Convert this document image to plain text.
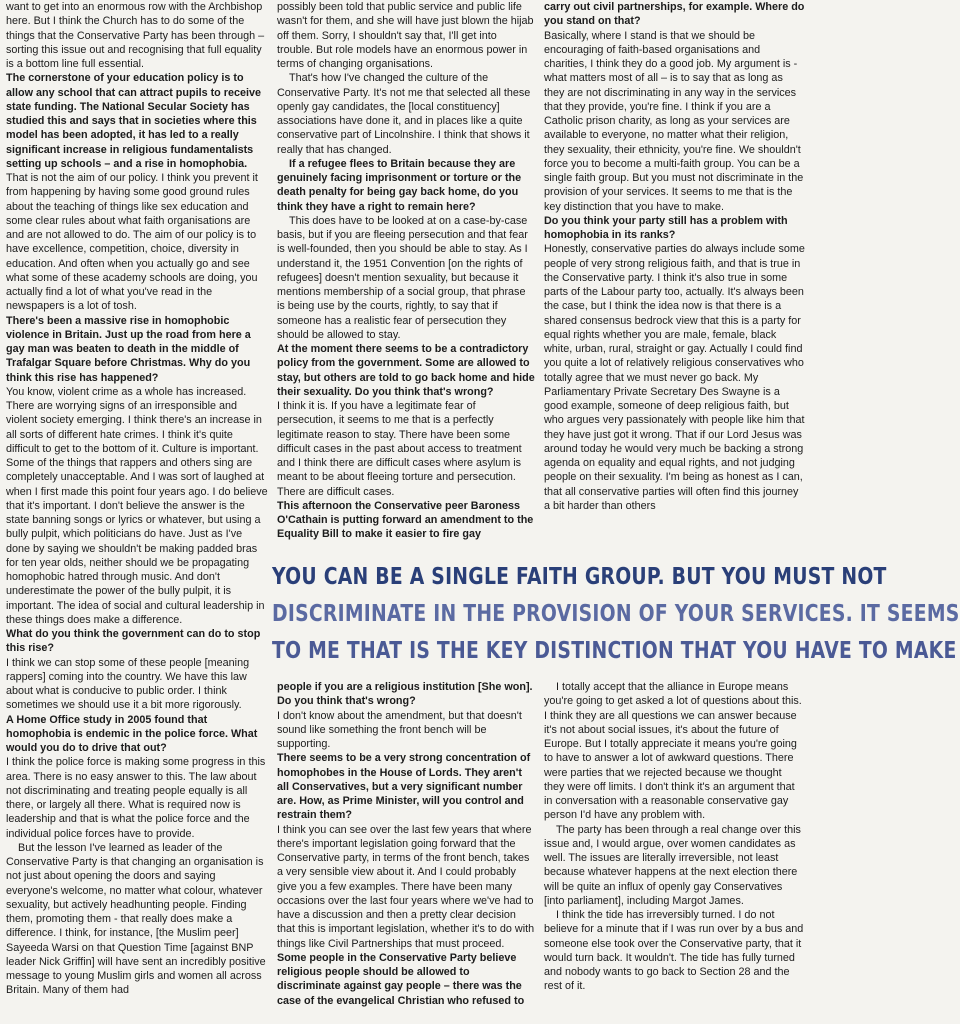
want to get into an enormous row with the Archbishop here. But I think the Church has to do some of the things that the Conservative Party has been through – sorting this issue out and recognising that full equality is a bottom line full essential.

The cornerstone of your education policy is to allow any school that can attract pupils to receive state funding. The National Secular Society has studied this and says that in societies where this model has been adopted, it has led to a really significant increase in religious fundamentalists setting up schools – and a rise in homophobia.

That is not the aim of our policy. I think you prevent it from happening by having some good ground rules about the teaching of things like sex education and some clear rules about what faith organisations are and are not allowed to do. The aim of our policy is to have excellence, competition, choice, diversity in education. And often when you actually go and see what some of these academy schools are doing, you actually find a lot of what you've read in the newspapers is a lot of tosh.

There's been a massive rise in homophobic violence in Britain. Just up the road from here a gay man was beaten to death in the middle of Trafalgar Square before Christmas. Why do you think this rise has happened?

You know, violent crime as a whole has increased. There are worrying signs of an irresponsible and violent society emerging. I think there's an increase in all sorts of different hate crimes. I think it's quite difficult to get to the bottom of it. Culture is important. Some of the things that rappers and others sing are completely unacceptable. And I was sort of laughed at when I first made this point four years ago. I do believe that it's important. I don't believe the answer is the state banning songs or lyrics or whatever, but using a bully pulpit, which politicians do have. Just as I've done by saying we shouldn't be making padded bras for ten year olds, neither should we be propagating homophobic hatred through music. And don't underestimate the power of the bully pulpit, it is important. The idea of social and cultural leadership in these things does make a difference.

What do you think the government can do to stop this rise?

I think we can stop some of these people [meaning rappers] coming into the country. We have this law about what is conducive to public order. I think sometimes we should use it a bit more rigorously.

A Home Office study in 2005 found that homophobia is endemic in the police force. What would you do to drive that out?

I think the police force is making some progress in this area. There is no easy answer to this. The law about not discriminating and treating people equally is all there, or largely all there. What is required now is leadership and that is what the police force and the individual police forces have to provide.

But the lesson I've learned as leader of the Conservative Party is that changing an organisation is not just about opening the doors and saying everyone's welcome, no matter what colour, whatever sexuality, but actively headhunting people. Finding them, promoting them - that really does make a difference. I think, for instance, [the Muslim peer] Sayeeda Warsi on that Question Time [against BNP leader Nick Griffin] will have sent an incredibly positive message to young Muslim girls and women all across Britain. Many of them had

possibly been told that public service and public life wasn't for them, and she will have just blown the hijab off them. Sorry, I shouldn't say that, I'll get into trouble. But role models have an enormous power in terms of changing organisations.

That's how I've changed the culture of the Conservative Party. It's not me that selected all these openly gay candidates, the [local constituency] associations have done it, and in places like a quite conservative part of Lincolnshire. I think that shows it really that has changed.

If a refugee flees to Britain because they are genuinely facing imprisonment or torture or the death penalty for being gay back home, do you think they have a right to remain here?

This does have to be looked at on a case-by-case basis, but if you are fleeing persecution and that fear is well-founded, then you should be able to stay. As I understand it, the 1951 Convention [on the rights of refugees] doesn't mention sexuality, but because it mentions membership of a social group, that phrase is being use by the courts, rightly, to say that if someone has a realistic fear of persecution they should be allowed to stay.

At the moment there seems to be a contradictory policy from the government. Some are allowed to stay, but others are told to go back home and hide their sexuality. Do you think that's wrong?

I think it is. If you have a legitimate fear of persecution, it seems to me that is a perfectly legitimate reason to stay. There have been some difficult cases in the past about access to treatment and I think there are difficult cases where asylum is meant to be about fleeing torture and persecution. There are difficult cases.

This afternoon the Conservative peer Baroness O'Cathain is putting forward an amendment to the Equality Bill to make it easier to fire gay

carry out civil partnerships, for example. Where do you stand on that?

Basically, where I stand is that we should be encouraging of faith-based organisations and charities, I think they do a good job. My argument is - what matters most of all – is to say that as long as they are not discriminating in any way in the services that they provide, you're fine. I think if you are a Catholic prison charity, as long as your services are available to everyone, no matter what their religion, they sexuality, their ethnicity, you're fine. We shouldn't force you to become a multi-faith group. You can be a single faith group. But you must not discriminate in the provision of your services. It seems to me that is the key distinction that you have to make.

Do you think your party still has a problem with homophobia in its ranks?

Honestly, conservative parties do always include some people of very strong religious faith, and that is true in the Conservative party. I think it's also true in some parts of the Labour party too, actually. It's always been the case, but I think the idea now is that there is a shared consensus bedrock view that this is a party for equal rights whether you are male, female, black white, urban, rural, straight or gay. Actually I could find you quite a lot of relatively religious conservatives who totally agree that we must never go back. My Parliamentary Private Secretary Des Swayne is a good example, someone of deep religious faith, but who argues very passionately with people like him that they have just got it wrong. That if our Lord Jesus was around today he would very much be backing a strong agenda on equality and equal rights, and not judging people on their sexuality. I'm being as honest as I can, that all conservative parties will often find this journey a bit harder than others

YOU CAN BE A SINGLE FAITH GROUP. BUT YOU MUST NOT
DISCRIMINATE IN THE PROVISION OF YOUR SERVICES. IT SEEMS
TO ME THAT IS THE KEY DISTINCTION THAT YOU HAVE TO MAKE

people if you are a religious institution [She won]. Do you think that's wrong?

I don't know about the amendment, but that doesn't sound like something the front bench will be supporting.

There seems to be a very strong concentration of homophobes in the House of Lords. They aren't all Conservatives, but a very significant number are. How, as Prime Minister, will you control and restrain them?

I think you can see over the last few years that where there's important legislation going forward that the Conservative party, in terms of the front bench, takes a very sensible view about it. And I could probably give you a few examples. There have been many occasions over the last four years where we've had to have a discussion and then a pretty clear decision that this is important legislation, whether it's to do with things like Civil Partnerships that must proceed.

Some people in the Conservative Party believe religious people should be allowed to discriminate against gay people – there was the case of the evangelical Christian who refused to

I totally accept that the alliance in Europe means you're going to get asked a lot of questions about this. I think they are all questions we can answer because it's not about social issues, it's about the future of Europe. But I totally appreciate it means you're going to have to answer a lot of awkward questions. There were parties that we rejected because we thought they were off limits. I don't think it's an argument that in conversation with a reasonable conservative gay person I'd have any problem with.

The party has been through a real change over this issue and, I would argue, over women candidates as well. The issues are literally irreversible, not least because whatever happens at the next election there will be quite an influx of openly gay Conservatives [into parliament], including Margot James.

I think the tide has irreversibly turned. I do not believe for a minute that if I was run over by a bus and someone else took over the Conservative party, that it would turn back. It wouldn't. The tide has fully turned and nobody wants to go back to Section 28 and the rest of it.
